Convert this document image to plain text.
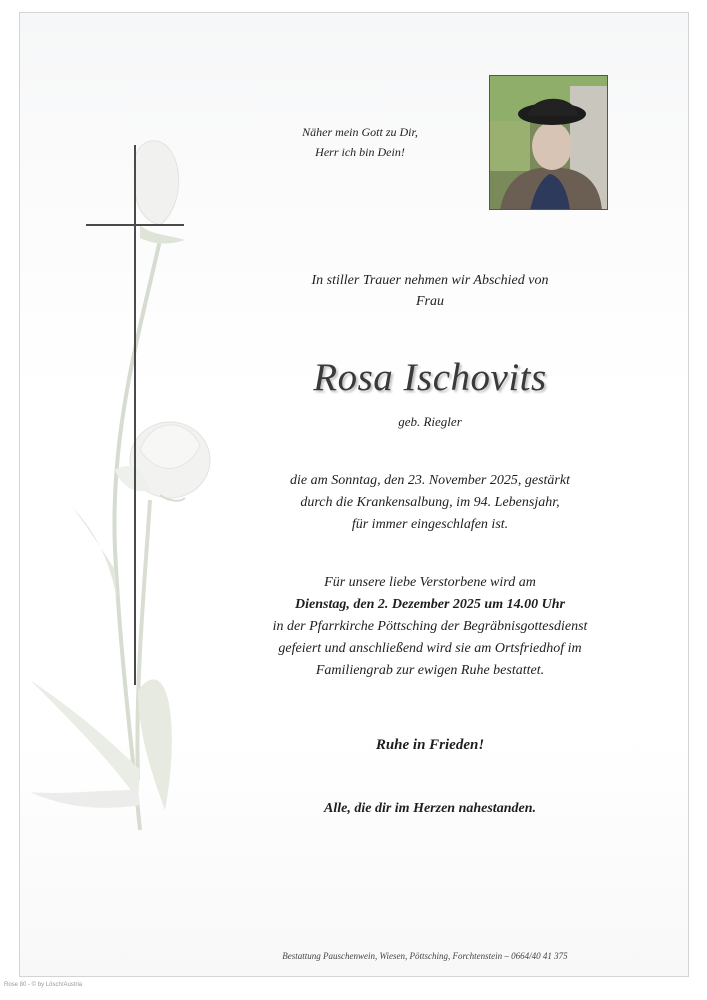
Näher mein Gott zu Dir,
Herr ich bin Dein!
In stiller Trauer nehmen wir Abschied von
Frau
Rosa Ischovits
geb. Riegler
die am Sonntag, den 23. November 2025, gestärkt
durch die Krankensalbung, im 94. Lebensjahr,
für immer eingeschlafen ist.
Für unsere liebe Verstorbene wird am
Dienstag, den 2. Dezember 2025 um 14.00 Uhr
in der Pfarrkirche Pöttsching der Begräbnisgottesdienst
gefeiert und anschließend wird sie am Ortsfriedhof im
Familiengrab zur ewigen Ruhe bestattet.
Ruhe in Frieden!
Alle, die dir im Herzen nahestanden.
Bestattung Pauschenwein, Wiesen, Pöttsching, Forchtenstein – 0664/40 41 375
Rose 80 - © by Lösch/Austria
